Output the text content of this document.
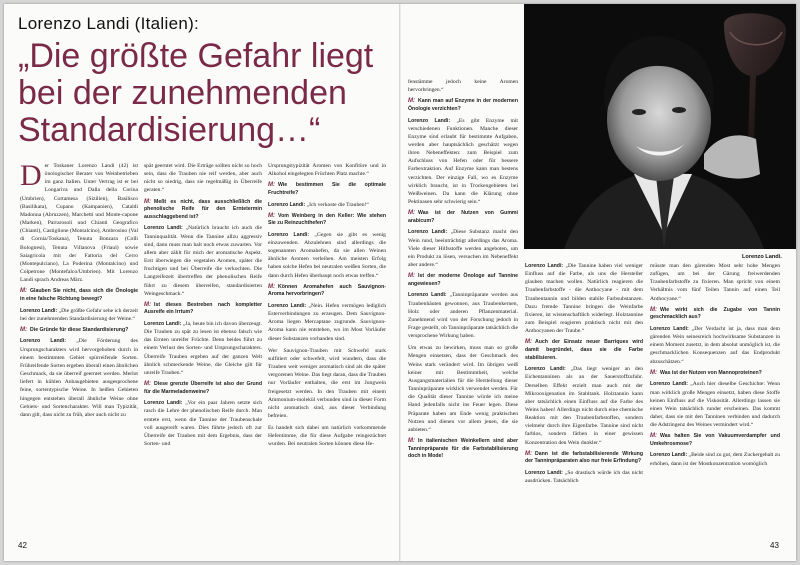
Lorenzo Landi (Italien):
„Die größte Gefahr liegt bei der zunehmenden Standardisierung…“

Der Toskaner Lorenzo Landi (42) ist önologischer Berater von Weinbetrieben im ganz Italien. Unter Vertrag ist er bei Longariva und Dalla della Corina (Umbrien), Cortamesa (Sizilien), Basilisco (Basilikata), Cupano (Kampanien), Cataldi Madonna (Abruzzen), Marchetti und Monte-capone (Marken), Parrarosoli und Chianti Geografico (Chianti), Castiglione (Montalcino), Ambrosino (Val di Cornia/Toskana), Tenuta Bonzara (Colli Bolognesi), Tenuta Villanova (Friaul) sowie Saiagricola mit der Fattoria del Cerro (Montepulciano), La Poderina (Montalcino) und Colpetrone (Montefalco/Umbrien). Mit Lorenzo Landi sprach Andreas März.

M: Glauben Sie nicht, dass sich die Önologie in eine falsche Richtung bewegt?

Lorenzo Landi: „Die größte Gefahr sehe ich derzeit bei der zunehmenden Standardisierung der Weine.“

M: Die Gründe für diese Standardisierung?

Lorenzo Landi: „Die Förderung des Ursprungscharakters wird hervorgehoben durch in einem bestimmten Gebiet spürreifende Sorten. Frühreifende Sorten ergeben überall einen ähnlichen Geschmack, da sie überreif geerntet werden. Merlot liefert in kühlen Anbaugebieten ausgesprochene feine, sortentypische Weine. In heißen Gebieten hingegen entstehen überall ähnliche Weine ohne Gebiets- und Sortencharakter. Will man Typizität, dann gilt, dass nicht zu früh, aber auch nicht zu

spät geerntet wird. Die Erträge sollten nicht so hoch sein, dass die Trauben nie reif werden, aber auch nicht so niedrig, dass sie regelmäßig in Überreife geraten.“

M: Meßt es nicht, dass ausschließlich die phenolische Reife für den Erntetermin ausschlaggebend ist?

Lorenzo Landi: „Natürlich braucht ich auch die Tanninqualität. Wenn die Tannine allzu aggressiv sind, dann muss man halt noch etwas zuwarten. Vor allem aber zählt für mich der aromatische Aspekt. Erst überwiegen die vegetalen Aromen, später die fruchtigen und bei Überreife die verkochten. Die Langreifezeit übertreffen der phenolischen Reife führt zu diesem überreifen, standardisierten Weingeschmack.“

M: Ist dieses Bestreben nach kompletter Ausreife ein Irrtum?

Lorenzo Landi: „Ja, heute bin ich davon überzeugt. Die Trauben zu spät zu lesen ist ebenso falsch wie das Ernten unreifer Früchte. Denn beides führt zu einem Verlust des Sorten- und Ursprungscharakters. Überreife Trauben ergeben auf der ganzen Welt ähnlich schmeckende Weine, die Gleiche gilt für unreife Trauben.“

M: Diese grenzte Überreife ist also der Grund für die Marmeladenweine?

Lorenzo Landi: „Vor ein paar Jahren setzte sich rasch die Lehre der phenolischen Reife durch. Man erntete erst, wenn die Tannine der Traubenschale voll ausgereift waren. Dies führte jedoch oft zur Überreife der Trauben mit dem Ergebnis, dass der Sorten- und

Ursprungstypizität Aromen von Konfitüre und in Alkohol eingelegten Früchten Platz machte.“

M: Wie bestimmen Sie die optimale Fruchtreife?

Lorenzo Landi: „Ich verkoste die Trauben!“

M: Vom Weinberg in den Keller: Wie stehen Sie zu Reinzuchthefen?

Lorenzo Landi: „Gegen sie gibt es wenig einzuwenden. Abzulehnen sind allerdings die sogenannten Aromahefen, da sie allen Weinen ähnliche Aromen verleihen. Am meisten Erfolg haben solche Hefen bei neutralen weißen Sorten, die dann durch Hefen überhaupt noch etwas treffen.“

M: Können Aromahefen auch Sauvignon-Aroma hervorbringen?

Lorenzo Landi: „Nein. Hefen vermögen lediglich Esterverbindungen zu erzeugen. Dem Sauvignon-Aroma liegen Mercaptane zugrunde. Sauvignon-Aroma kann nie entstehen, wo im Most Vorläufer dieser Substanzen vorhanden sind.

Wer Sauvignon-Trauben mit Schwefel stark sulfitiert oder schwefelt, wird wundern, dass die Trauben weit weniger aromatisch sind als die später vergorenen Weine. Das liegt daran, dass die Trauben nur Vorläufer enthalten, die erst im Jungwein freigesetzt werden. In den Trauben mit einem Ammonium-molekül verbunden sind in dieser Form nicht aromatisch sind, aus dieser Verbindung befreien.

Es handelt sich dabei um natürlich vorkommende Hefentimme, die für diese Aufgabe reingezüchtet wurden. Bei neutralen Sorten können diese He-

42

fenstämme jedoch keine Aromen hervorbringen.“

M: Kann man auf Enzyme in der modernen Önologie verzichten?

Lorenzo Landi: „Es gibt Enzyme mit verschiedenen Funktionen. Manche dieser Enzyme sind erlaubt für bestimmte Aufgaben, werden aber hauptsächlich geschätzt wegen ihren Nebeneffekten: zum Beispiel zum Aufschluss von Hefen oder für bessere Farbextraktion. Auf Enzyme kann man bestens verzichten. Der einzige Fall, wo es Enzyme wirklich braucht, ist in Trockengebieten bei Weißweinen. Da kann die Klärung ohne Pektinasen sehr schwierig sein.“

M: Was ist der Nutzen von Gummi arabicum?

Lorenzo Landi: „Diese Substanz macht den Wein rund, beeinträchtigt allerdings das Aroma. Viele dieser Hilfsstoffe werden angeboten, um ein Produkt zu lösen, versuchen im Nebeneffekt aber andere.“

M: Ist der moderne Önologe auf Tannine angewiesen?

Lorenzo Landi: „Tanninpräparate werden aus Traubenhäuten gewonnen, aus Traubenkernen, Holz oder anderen Pflanzenmaterial. Zunehmend wird von der Forschung jedoch in Frage gestellt, ob Tanninpräparate tatsächlich die versprochene Wirkung haben.

Um etwas zu bewirken, muss man so große Mengen einsetzen, dass der Geschmack des Weins stark verändert wird. Im übrigen weiß keiner mit Bestimmtheit, welche Ausgangsmaterialien für die Herstellung dieser Tanninpräparate wirklich verwendet werden. Für die Qualität dieser Tannine würde ich meine Hand jedenfalls nicht ins Feuer legen. Diese Präparate haben am Ende wenig praktischen Nutzen und dienen vor allem jenen, die sie anbieten.“

M: In italienischen Weinkellern sind aber Tanninpräparate für die Farbstabilisierung doch in Mode!

Lorenzo Landi.

Lorenzo Landi: „Die Tannine haben viel weniger Einfluss auf die Farbe, als uns die Hersteller glauben machen wollen. Natürlich reagieren die Traubenfarbstoffe - die Anthocyane - mit dem Traubentannin und bilden stabile Farbsubstanzen. Dazu fremde Tannine bringen die Weinfarbe fixieren, ist wissenschaftlich widerlegt. Holztannine zum Beispiel reagieren praktisch nicht mit den Anthocyanen der Traube.“

M: Auch der Einsatz neuer Barriques wird damit begründet, dass sie die Farbe stabilisieren.

Lorenzo Landi: „Das liegt weniger an den Eichentanninen als an der Sauerstoffzufuhr. Derselben Effekt erzielt man auch mit der Mikrooxigenation im Stahltank. Holztannin kann aber tatsächlich einen Einfluss auf die Farbe des Weins haben! Allerdings nicht durch eine chemische Reaktion mit den Traubenfarbstoffen, sondern vielmehr durch ihre Eigenfarbe. Tannine sind nicht farblos, sondern färben in einer gewissen Konzentration den Wein dunkler.“

M: Dann ist die farbstabilisierende Wirkung der Tanninpräparaten also nur freie Erfindung?

Lorenzo Landi: „So drastisch würde ich das nicht ausdrücken. Tatsächlich

müsste man den gärenden Most sehr hohe Mengen zufügen, um bei der Gärung freiwerdenden Traubenfarbstoffe zu fixieren. Man spricht von einem Verhältnis vom fünf Teilen Tannin auf einen Teil Anthocyane.“

M: Wie wirkt sich die Zugabe von Tannin geschmacklich aus?

Lorenzo Landi: „Der Verdacht ist ja, dass man dem gärenden Wein seinesreich hochwirksame Substanzen in einem Moment zusetzt, in dem absolut unmöglich ist, die geschmacklichen Konsequenzen auf das Endprodukt abzuschätzen.“

M: Was ist der Nutzen von Mannoproteinen?

Lorenzo Landi: „Auch hier dieselbe Geschichte: Wenn man wirklich große Mengen einsetzt, haben diese Stoffe keinen Einfluss auf die Viskosität. Allerdings lassen sie einen Wein tatsächlich runder erscheinen. Das kommt daher, dass sie mit den Tanninen verbinden und dadurch die Adstringenz des Weines vermindert wird.“

M: Was halten Sie von Vakuumverdampfer und Umkehrosmose?

Lorenzo Landi: „Beide sind zu gut, dem Zuckergehalt zu erhöhen, dann ist der Mostkonzentration womöglich

43
